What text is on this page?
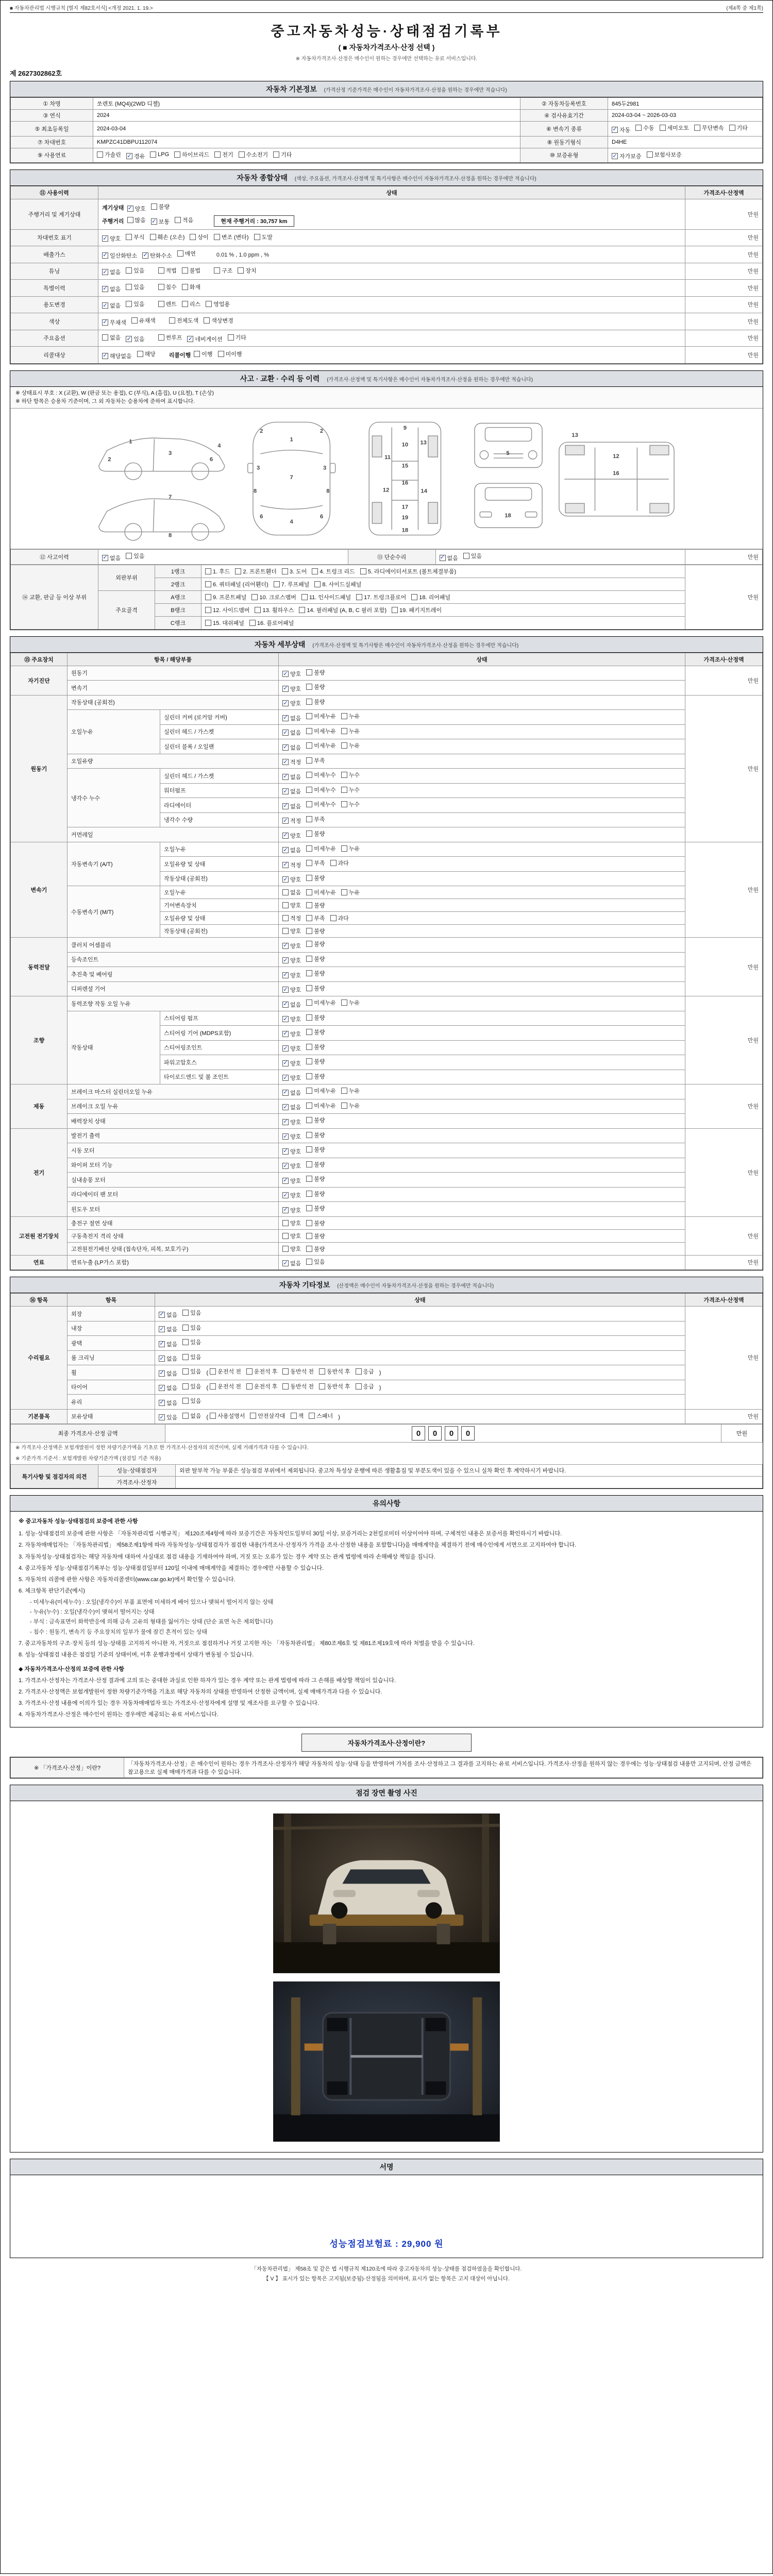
■ 자동차관리법 시행규칙 [별지 제82호서식] <개정 2021. 1. 19.>	(제4쪽 중 제1쪽)
중고자동차성능·상태점검기록부
( ■ 자동차가격조사·산정 선택 )
※ 자동차가격조사·산정은 매수인이 원하는 경우에만 선택하는 유료 서비스입니다.
제 2627302862호
자동차 기본정보 (가격산정 기준가격은 매수인이 자동차가격조사·산정을 원하는 경우에만 적습니다)
① 차명	쏘렌토 (MQ4)(2WD 디젤)	② 자동차등록번호	845두2981
③ 연식	2024	④ 검사유효기간	2024-03-04 ~ 2026-03-03
⑤ 최초등록일	2024-03-04	⑥ 변속기 종류	✓ 자동 수동 세미오토 무단변속 기타

⑦ 차대번호	KMPZC41DBPU112074	⑧ 원동기형식	D4HE
⑨ 사용연료	가솔린 ✓ 경유 LPG 하이브리드 전기 수소전기 기타	⑩ 보증유형	✓ 자가보증 보험사보증
자동차 종합상태 (색상, 주요옵션, 가격조사·산정액 및 특기사항은 매수인이 자동차가격조사·산정을 원하는 경우에만 적습니다)
⑪ 사용이력	상태	가격조사·산정액
주행거리 및 계기상태	
계기상태 ✓ 양호 불량
주행거리 많음 ✓ 보통 적음	현재 주행거리 : 30,757 km
	만원
차대번호 표기	✓ 양호 부식 훼손 (오손) 상이 변조 (변타) 도말	만원
배출가스	✓ 일산화탄소 ✓ 탄화수소 매연	0.01 % , 1.0 ppm , %	만원
튜닝	✓ 없음 있음	적법 불법	구조 장치	만원
특별이력	✓ 없음 있음 침수 화재	만원
용도변경	✓ 없음 있음	렌트 리스 영업용	만원
색상	✓ 무채색 유채색 전체도색 색상변경	만원
주요옵션	없음 ✓ 있음	썬루프 ✓ 네비게이션 기타	만원
리콜대상	✓ 해당없음 해당 리콜이행 이행 미이행	만원
사고 · 교환 · 수리 등 이력 (가격조사·산정액 및 특기사항은 매수인이 자동차가격조사·산정을 원하는 경우에만 적습니다)
※ 상태표시 부호 : X (교환), W (판금 또는 용접), C (부식), A (흠집), U (요철), T (손상)
※ 하단 항목은 승용차 기준이며, 그 외 자동차는 승용차에 준하여 표시합니다.
1
2
3
4
6
7
8
2
1
2
3
7
3
8	8
6
4
6
9
10
11
13
15
12
16
14
17
19
18
5
18
13
12
16
⑫ 사고이력	✓ 없음 있음	⑬ 단순수리	✓ 없음 있음	만원
⑭ 교환, 판금 등 이상 부위	외판부위	1랭크	1. 후드 2. 프론트휀더 3. 도어 4. 트렁크 리드 5. 라디에이터서포트 (볼트체결부품)	만원
		2랭크	6. 쿼터패널 (리어휀더) 7. 루프패널 8. 사이드실패널	

	주요골격	A랭크	9. 프론트패널 10. 크로스멤버 11. 인사이드패널 17. 트렁크플로어 18. 리어패널	

		B랭크	12. 사이드멤버 13. 휠하우스 14. 필러패널 (A, B, C 필러 포함) 19. 패키지트레이	

		C랭크	15. 대쉬패널 16. 플로어패널	
자동차 세부상태 (가격조사·산정액 및 특기사항은 매수인이 자동차가격조사·산정을 원하는 경우에만 적습니다)
⑮ 주요장치	항목 / 해당부품		상태	가격조사·산정액
자기진단	원동기		✓ 양호 불량	만원
	변속기		✓ 양호 불량	

원동기	작동상태 (공회전)		✓ 양호 불량	만원
	오일누유	실린더 커버 (로커암 커버)	✓ 없음 미세누유 누유	

		실린더 헤드 / 가스켓	✓ 없음 미세누유 누유	

		실린더 블록 / 오일팬	✓ 없음 미세누유 누유	

	오일유량		✓ 적정 부족	

	냉각수 누수	실린더 헤드 / 가스켓	✓ 없음 미세누수 누수	

		워터펌프	✓ 없음 미세누수 누수	

		라디에이터	✓ 없음 미세누수 누수	

		냉각수 수량	✓ 적정 부족	

	커먼레일		✓ 양호 불량	

변속기	자동변속기 (A/T)	오일누유	✓ 없음 미세누유 누유	만원
		오일유량 및 상태	✓ 적정 부족 과다	

		작동상태 (공회전)	✓ 양호 불량	

	수동변속기 (M/T)	오일누유	없음 미세누유 누유	

		기어변속장치	양호 불량	

		오일유량 및 상태	적정 부족 과다	

		작동상태 (공회전)	양호 불량	

동력전달	클러치 어셈블리		✓ 양호 불량	만원
	등속조인트		✓ 양호 불량	

	추진축 및 베어링		✓ 양호 불량	

	디퍼렌셜 기어		✓ 양호 불량	

조향	동력조향 작동 오일 누유		✓ 없음 미세누유 누유	만원
	작동상태	스티어링 펌프	✓ 양호 불량	

		스티어링 기어 (MDPS포함)	✓ 양호 불량	

		스티어링조인트	✓ 양호 불량	

		파워고압호스	✓ 양호 불량	

		타이로드엔드 및 볼 조인트	✓ 양호 불량	

제동	브레이크 마스터 실린더오일 누유		✓ 없음 미세누유 누유	만원
	브레이크 오일 누유		✓ 없음 미세누유 누유	

	배력장치 상태		✓ 양호 불량	

전기	발전기 출력		✓ 양호 불량	만원
	시동 모터		✓ 양호 불량	

	와이퍼 모터 기능		✓ 양호 불량	

	실내송풍 모터		✓ 양호 불량	

	라디에이터 팬 모터		✓ 양호 불량	

	윈도우 모터		✓ 양호 불량	

고전원 전기장치	충전구 절연 상태		양호 불량	만원
	구동축전지 격리 상태		양호 불량	

	고전원전기배선 상태 (접속단자, 피복, 보호기구)		양호 불량	

연료	연료누출 (LP가스 포함)		✓ 없음 있음	만원
자동차 기타정보 (산정액은 매수인이 자동차가격조사·산정을 원하는 경우에만 적습니다)
⑯ 항목	항목	상태	가격조사·산정액
수리필요	외장	✓ 없음 있음	만원
	내장	✓ 없음 있음	

	광택	✓ 없음 있음	

	룸 크리닝	✓ 없음 있음	

휠	✓ 없음 있음 ( 운전석 전 운전석 후 동반석 전 동반석 후 응급 )
타이어	✓ 없음 있음 ( 운전석 전 운전석 후 동반석 전 동반석 후 응급 )
	유리	✓ 없음 있음	

기본품목	보유상태	✓ 있음 없음 ( 사용설명서 안전삼각대 잭 스패너 )	만원
최종 가격조사·산정 금액	0 0 0 0	만원
※ 가격조사·산정액은 보험개발원이 정한 차량기준가액을 기초로 한 가격조사·산정자의 의견이며, 실제 거래가격과 다를 수 있습니다.
※ 기준가격·기준서 : 보험개발원 차량기준가액 (점검일 기준 적용)
특기사항 및 점검자의 의견	성능·상태점검자	외판 탈부착 가능 부품은 성능점검 부위에서 제외됩니다. 중고차 특성상 운행에 따른 생활흠집 및 부분도색이 있을 수 있으니 실차 확인 후 계약하시기 바랍니다.
	가격조사·산정자	
유의사항
※ 중고자동차 성능·상태점검의 보증에 관한 사항
1. 성능·상태점검의 보증에 관한 사항은 「자동차관리법 시행규칙」 제120조제4항에 따라 보증기간은 자동차인도일부터 30일 이상, 보증거리는 2천킬로미터 이상이어야 하며, 구체적인 내용은 보증서를 확인하시기 바랍니다.
2. 자동차매매업자는 「자동차관리법」 제58조제1항에 따라 자동차성능·상태점검자가 점검한 내용(가격조사·산정자가 가격을 조사·산정한 내용을 포함합니다)을 매매계약을 체결하기 전에 매수인에게 서면으로 고지하여야 합니다.
3. 자동차성능·상태점검자는 해당 자동차에 대하여 사실대로 점검 내용을 기재하여야 하며, 거짓 또는 오류가 있는 경우 계약 또는 관계 법령에 따라 손해배상 책임을 집니다.
4. 중고자동차 성능·상태점검기록부는 성능·상태점검일부터 120일 이내에 매매계약을 체결하는 경우에만 사용할 수 있습니다.
5. 자동차의 리콜에 관한 사항은 자동차리콜센터(www.car.go.kr)에서 확인할 수 있습니다.
6. 체크항목 판단기준(예시)
- 미세누유(미세누수) : 오일(냉각수)이 부품 표면에 미세하게 배어 있으나 맺혀서 떨어지지 않는 상태
- 누유(누수) : 오일(냉각수)이 맺혀서 떨어지는 상태
- 부식 : 금속표면이 화학반응에 의해 금속 고유의 형태를 잃어가는 상태 (단순 표면 녹은 제외합니다)
- 침수 : 원동기, 변속기 등 주요장치의 일부가 물에 잠긴 흔적이 있는 상태
7. 중고자동차의 구조·장치 등의 성능·상태를 고지하지 아니한 자, 거짓으로 점검하거나 거짓 고지한 자는 「자동차관리법」 제80조제6호 및 제81조제19호에 따라 처벌을 받을 수 있습니다.
8. 성능·상태점검 내용은 점검일 기준의 상태이며, 이후 운행과정에서 상태가 변동될 수 있습니다.
◆ 자동차가격조사·산정의 보증에 관한 사항
1. 가격조사·산정자는 가격조사·산정 결과에 고의 또는 중대한 과실로 인한 하자가 있는 경우 계약 또는 관계 법령에 따라 그 손해를 배상할 책임이 있습니다.
2. 가격조사·산정액은 보험개발원이 정한 차량기준가액을 기초로 해당 자동차의 상태를 반영하여 산정한 금액이며, 실제 매매가격과 다를 수 있습니다.
3. 가격조사·산정 내용에 이의가 있는 경우 자동차매매업자 또는 가격조사·산정자에게 설명 및 재조사를 요구할 수 있습니다.
4. 자동차가격조사·산정은 매수인이 원하는 경우에만 제공되는 유료 서비스입니다.
자동차가격조사·산정이란?
※ 「가격조사·산정」이란?	「자동차가격조사·산정」은 매수인이 원하는 경우 가격조사·산정자가 해당 자동차의 성능·상태 등을 반영하여 가치를 조사·산정하고 그 결과를 고지하는 유료 서비스입니다. 가격조사·산정을 원하지 않는 경우에는 성능·상태점검 내용만 고지되며, 산정 금액은 참고용으로 실제 매매가격과 다를 수 있습니다.
점검 장면 촬영 사진
서명
성능점검보험료 : 29,900 원
「자동차관리법」 제58조 및 같은 법 시행규칙 제120조에 따라 중고자동차의 성능·상태를 점검하였음을 확인합니다.
【 V 】 표시가 있는 항목은 고지됨(보증됨)·산정됨을 의미하며, 표시가 없는 항목은 고지 대상이 아닙니다.
